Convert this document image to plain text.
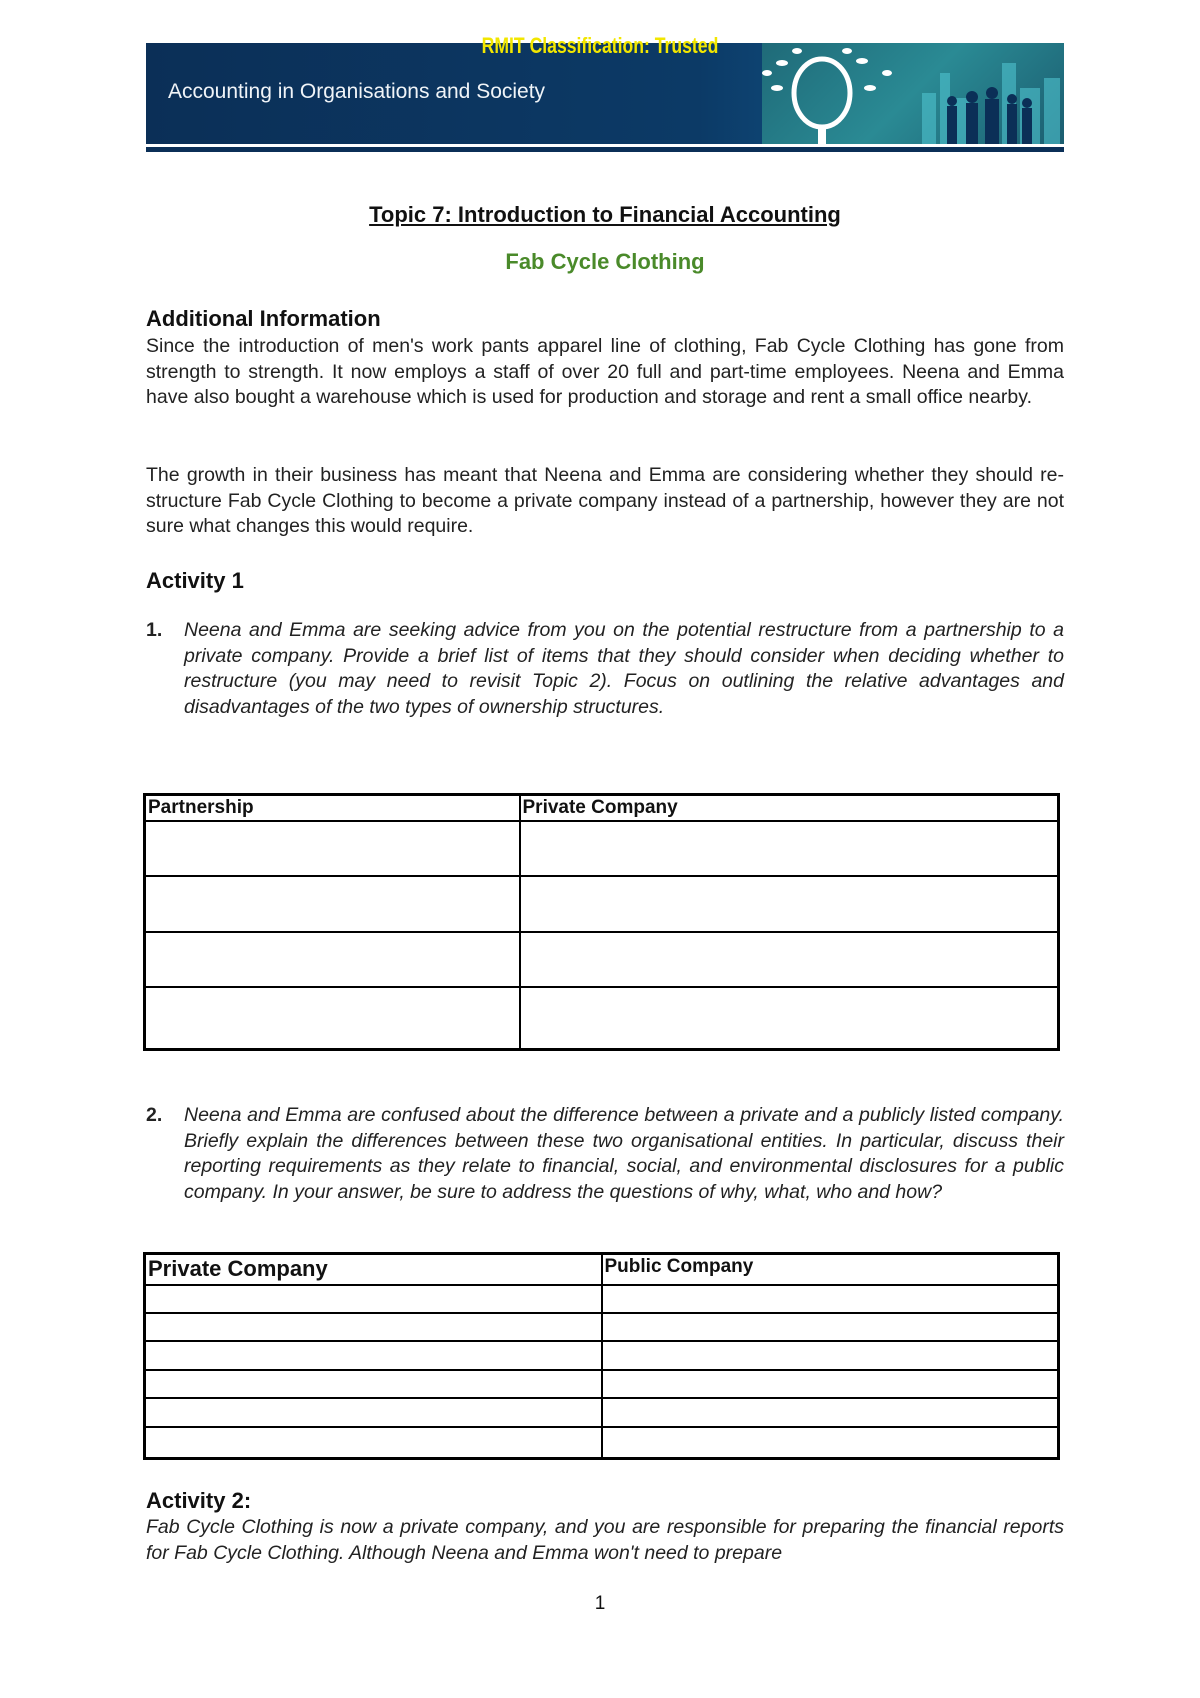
RMIT Classification: Trusted
Accounting in Organisations and Society
Topic 7: Introduction to Financial Accounting
Fab Cycle Clothing
Additional Information
Since the introduction of men's work pants apparel line of clothing, Fab Cycle Clothing has gone from strength to strength. It now employs a staff of over 20 full and part-time employees. Neena and Emma have also bought a warehouse which is used for production and storage and rent a small office nearby.
The growth in their business has meant that Neena and Emma are considering whether they should re-structure Fab Cycle Clothing to become a private company instead of a partnership, however they are not sure what changes this would require.
Activity 1
1. Neena and Emma are seeking advice from you on the potential restructure from a partnership to a private company. Provide a brief list of items that they should consider when deciding whether to restructure (you may need to revisit Topic 2). Focus on outlining the relative advantages and disadvantages of the two types of ownership structures.
Partnership	Private Company

2. Neena and Emma are confused about the difference between a private and a publicly listed company. Briefly explain the differences between these two organisational entities. In particular, discuss their reporting requirements as they relate to financial, social, and environmental disclosures for a public company. In your answer, be sure to address the questions of why, what, who and how?
Private Company	Public Company

Activity 2:
Fab Cycle Clothing is now a private company, and you are responsible for preparing the financial reports for Fab Cycle Clothing. Although Neena and Emma won't need to prepare
1
